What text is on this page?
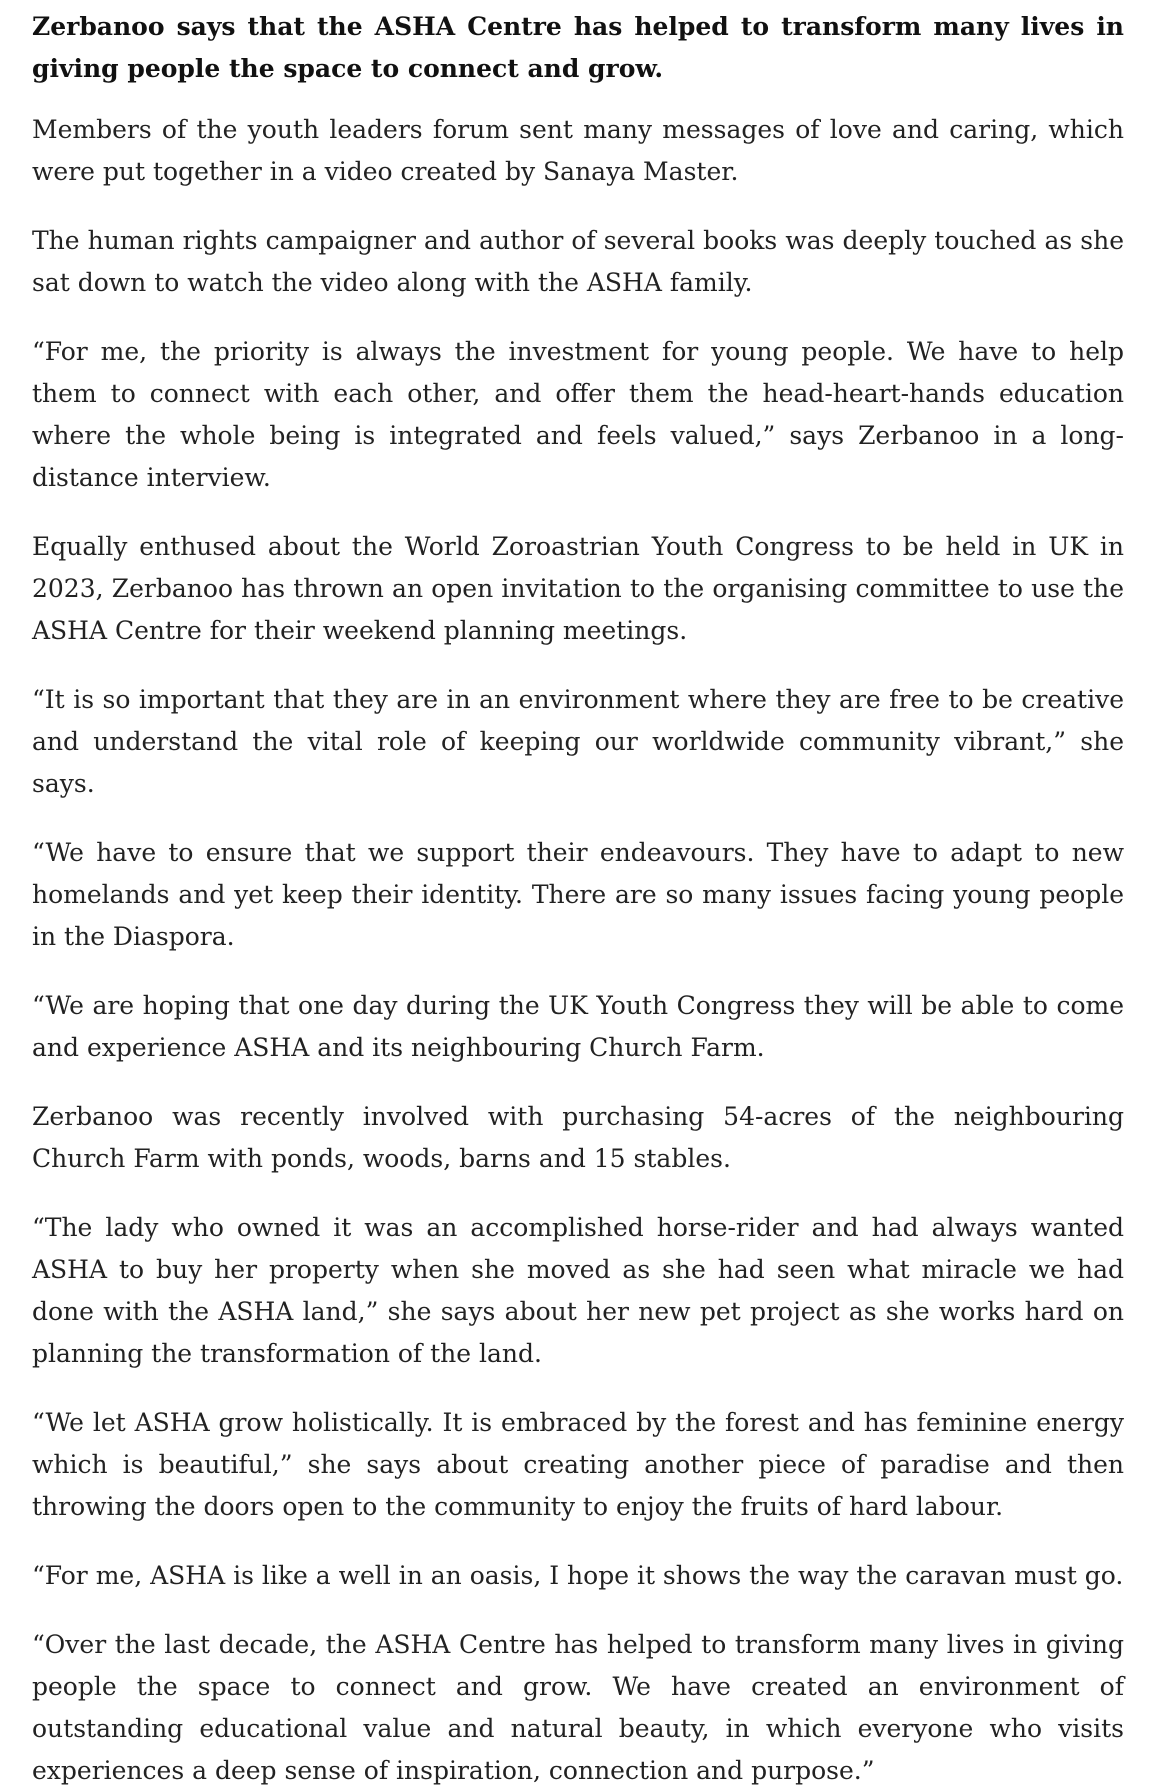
Zerbanoo says that the ASHA Centre has helped to transform many lives in giving people the space to connect and grow.

Members of the youth leaders forum sent many messages of love and caring, which were put together in a video created by Sanaya Master.

The human rights campaigner and author of several books was deeply touched as she sat down to watch the video along with the ASHA family.

“For me, the priority is always the investment for young people. We have to help them to connect with each other, and offer them the head-heart-hands education where the whole being is integrated and feels valued,” says Zerbanoo in a long-distance interview.

Equally enthused about the World Zoroastrian Youth Congress to be held in UK in 2023, Zerbanoo has thrown an open invitation to the organising committee to use the ASHA Centre for their weekend planning meetings.

“It is so important that they are in an environment where they are free to be creative and understand the vital role of keeping our worldwide community vibrant,” she says.

“We have to ensure that we support their endeavours. They have to adapt to new homelands and yet keep their identity. There are so many issues facing young people in the Diaspora.

“We are hoping that one day during the UK Youth Congress they will be able to come and experience ASHA and its neighbouring Church Farm.

Zerbanoo was recently involved with purchasing 54-acres of the neighbouring Church Farm with ponds, woods, barns and 15 stables.

“The lady who owned it was an accomplished horse-rider and had always wanted ASHA to buy her property when she moved as she had seen what miracle we had done with the ASHA land,” she says about her new pet project as she works hard on planning the transformation of the land.

“We let ASHA grow holistically. It is embraced by the forest and has feminine energy which is beautiful,” she says about creating another piece of paradise and then throwing the doors open to the community to enjoy the fruits of hard labour.

“For me, ASHA is like a well in an oasis, I hope it shows the way the caravan must go.

“Over the last decade, the ASHA Centre has helped to transform many lives in giving people the space to connect and grow. We have created an environment of outstanding educational value and natural beauty, in which everyone who visits experiences a deep sense of inspiration, connection and purpose.”
